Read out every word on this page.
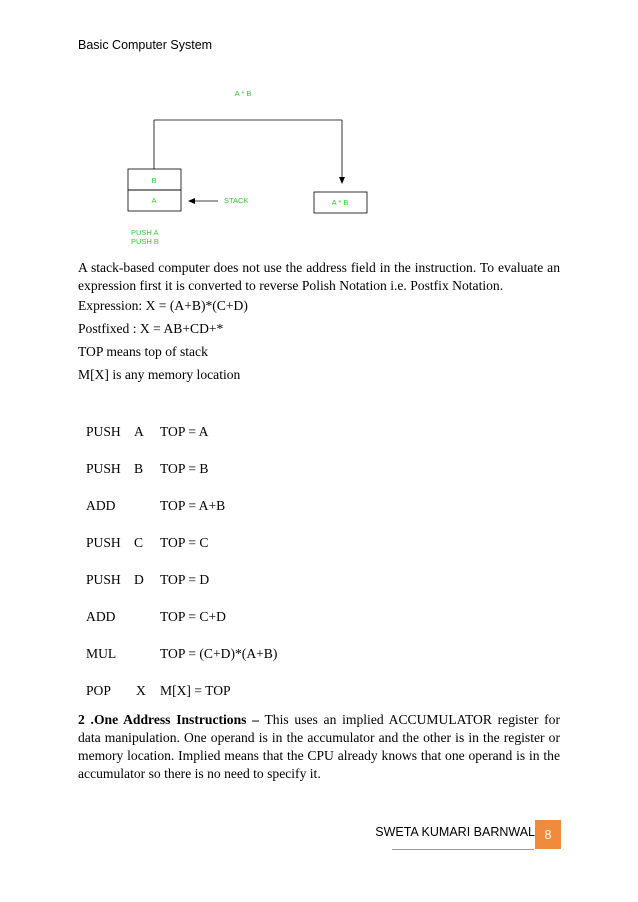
Basic Computer System
A * B
B
A	STACK	A * B
PUSH A
PUSH B
A stack-based computer does not use the address field in the instruction. To evaluate an expression first it is converted to reverse Polish Notation i.e. Postfix Notation.
Expression: X = (A+B)*(C+D)
Postfixed : X = AB+CD+*
TOP means top of stack
M[X] is any memory location
PUSH A TOP = A
PUSH B TOP = B
ADD	TOP = A+B
PUSH C TOP = C
PUSH D TOP = D
ADD	TOP = C+D
MUL	TOP = (C+D)*(A+B)
POP X M[X] = TOP
2 .One Address Instructions – This uses an implied ACCUMULATOR register for data manipulation. One operand is in the accumulator and the other is in the register or memory location. Implied means that the CPU already knows that one operand is in the accumulator so there is no need to specify it.
SWETA KUMARI BARNWAL 8
